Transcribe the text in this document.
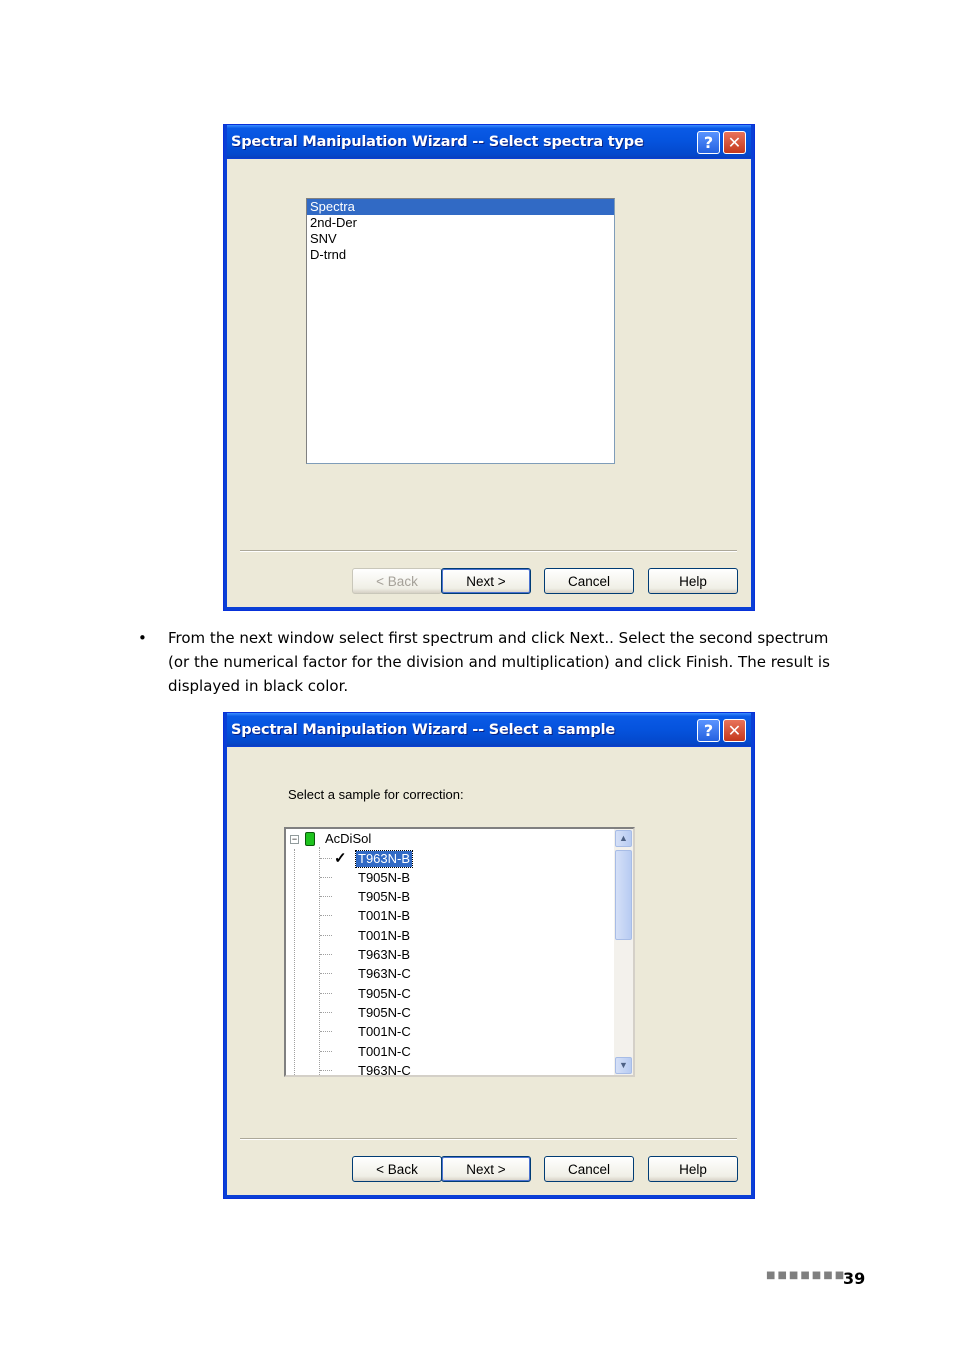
Spectral Manipulation Wizard -- Select spectra type	? ✕
Spectra
2nd-Der
SNV
D-trnd
< Back	Next >	Cancel	Help
• From the next window select first spectrum and click Next.. Select the second spectrum (or the numerical factor for the division and multiplication) and click Finish. The result is displayed in black color.
Spectral Manipulation Wizard -- Select a sample	? ✕
Select a sample for correction:
− AcDiSol
✓ T963N-B
T905N-B
T905N-B
T001N-B
T001N-B
T963N-B
T963N-C
T905N-C
T905N-C
T001N-C
T001N-C
T963N-C
▲
▼
< Back	Next >	Cancel	Help
■■■■■■■
39
